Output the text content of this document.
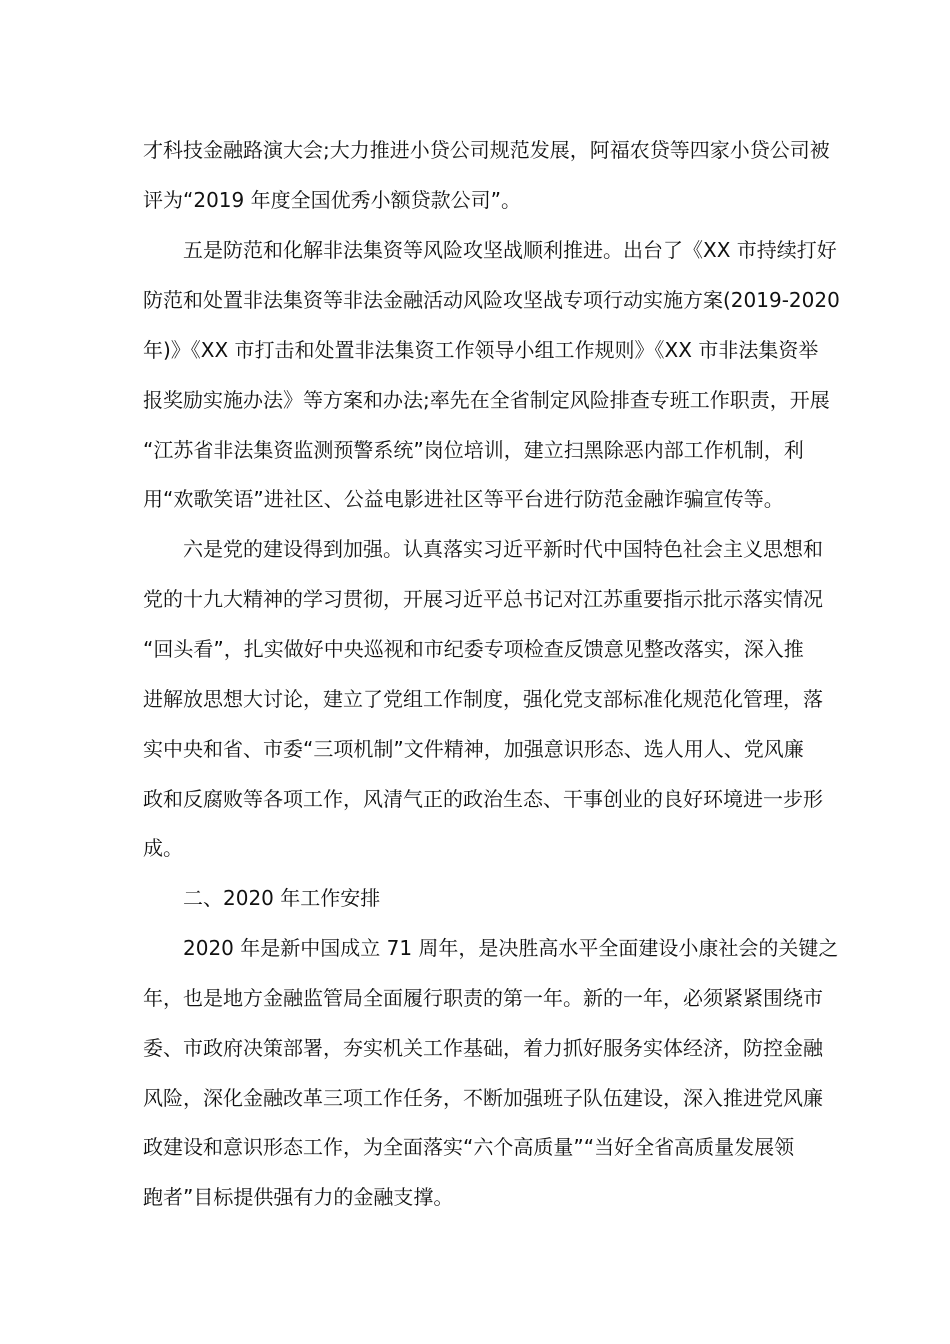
才科技金融路演大会;大力推进小贷公司规范发展，阿福农贷等四家小贷公司被
评为“2019 年度全国优秀小额贷款公司”。
五是防范和化解非法集资等风险攻坚战顺利推进。出台了《XX 市持续打好
防范和处置非法集资等非法金融活动风险攻坚战专项行动实施方案(2019-2020
年)》《XX 市打击和处置非法集资工作领导小组工作规则》《XX 市非法集资举
报奖励实施办法》等方案和办法;率先在全省制定风险排查专班工作职责，开展
“江苏省非法集资监测预警系统”岗位培训，建立扫黑除恶内部工作机制，利
用“欢歌笑语”进社区、公益电影进社区等平台进行防范金融诈骗宣传等。
六是党的建设得到加强。认真落实习近平新时代中国特色社会主义思想和
党的十九大精神的学习贯彻，开展习近平总书记对江苏重要指示批示落实情况
“回头看”，扎实做好中央巡视和市纪委专项检查反馈意见整改落实，深入推
进解放思想大讨论，建立了党组工作制度，强化党支部标准化规范化管理，落
实中央和省、市委“三项机制”文件精神，加强意识形态、选人用人、党风廉
政和反腐败等各项工作，风清气正的政治生态、干事创业的良好环境进一步形
成。
二、2020 年工作安排
2020 年是新中国成立 71 周年，是决胜高水平全面建设小康社会的关键之
年，也是地方金融监管局全面履行职责的第一年。新的一年，必须紧紧围绕市
委、市政府决策部署，夯实机关工作基础，着力抓好服务实体经济，防控金融
风险，深化金融改革三项工作任务，不断加强班子队伍建设，深入推进党风廉
政建设和意识形态工作，为全面落实“六个高质量”“当好全省高质量发展领
跑者”目标提供强有力的金融支撑。
